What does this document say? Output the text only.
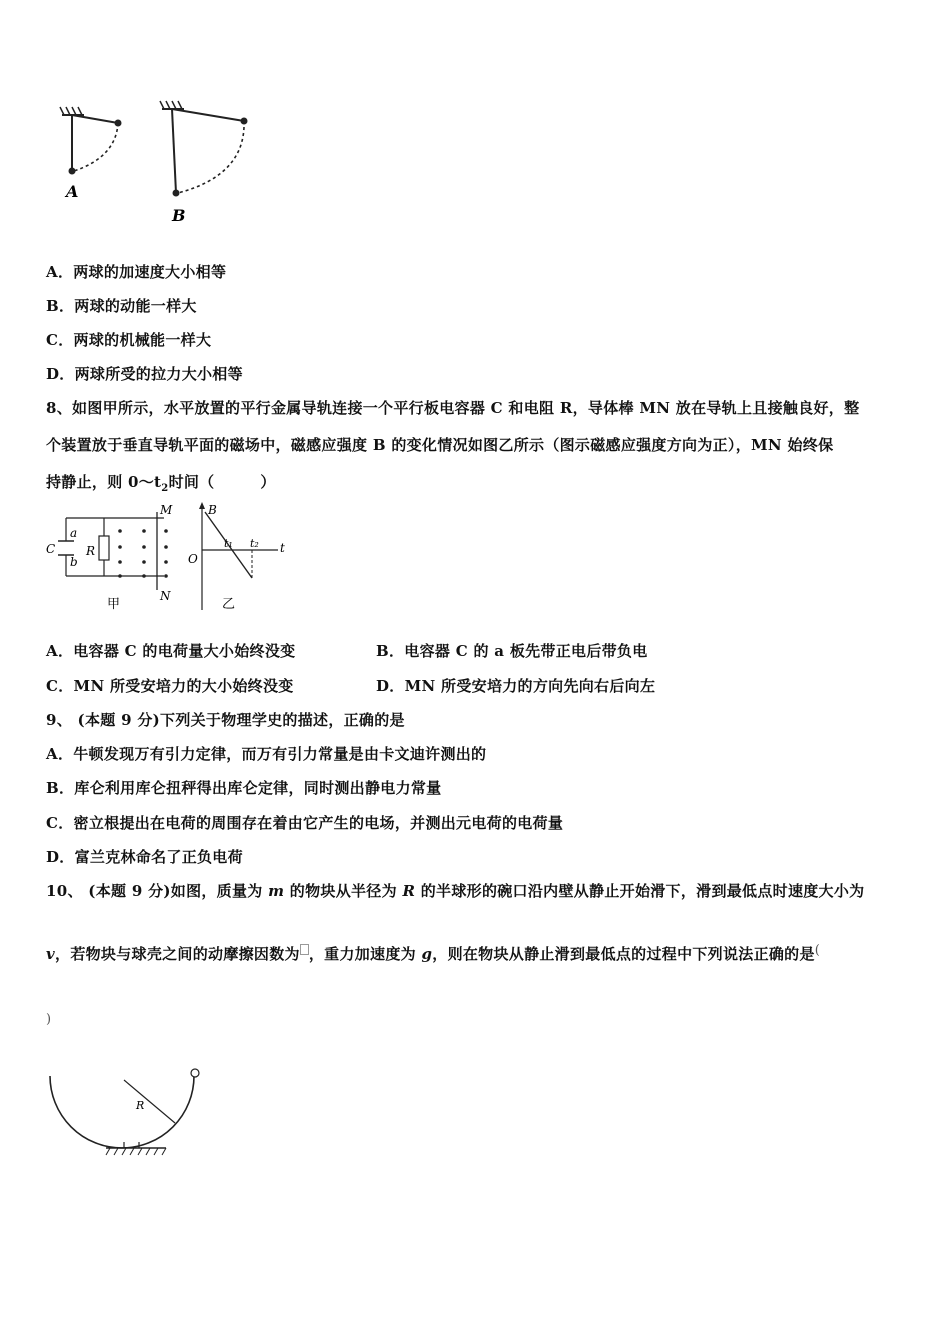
A
B
A．两球的加速度大小相等
B．两球的动能一样大
C．两球的机械能一样大
D．两球所受的拉力大小相等
8、如图甲所示，水平放置的平行金属导轨连接一个平行板电容器 C 和电阻 R，导体棒 MN 放在导轨上且接触良好，整
个装置放于垂直导轨平面的磁场中，磁感应强度 B 的变化情况如图乙所示（图示磁感应强度方向为正），MN 始终保
持静止，则 $0\sim t_2$时间（　　　）
a
b
C	R
M
N
甲
B
O
t
t₁ t₂
乙
A．电容器 C 的电荷量大小始终没变	B．电容器 C 的 a 板先带正电后带负电
C．MN 所受安培力的大小始终没变	D．MN 所受安培力的方向先向右后向左
9、 (本题 9 分)下列关于物理学史的描述，正确的是
A．牛顿发现万有引力定律，而万有引力常量是由卡文迪许测出的
B．库仑利用库仑扭秤得出库仑定律，同时测出静电力常量
C．密立根提出在电荷的周围存在着由它产生的电场，并测出元电荷的电荷量
D．富兰克林命名了正负电荷
10、 (本题 9 分)如图，质量为 m 的物块从半径为 R 的半球形的碗口沿内壁从静止开始滑下，滑到最低点时速度大小为
v，若物块与球壳之间的动摩擦因数为 ，重力加速度为 g，则在物块从静止滑到最低点的过程中下列说法正确的是(
)
R
